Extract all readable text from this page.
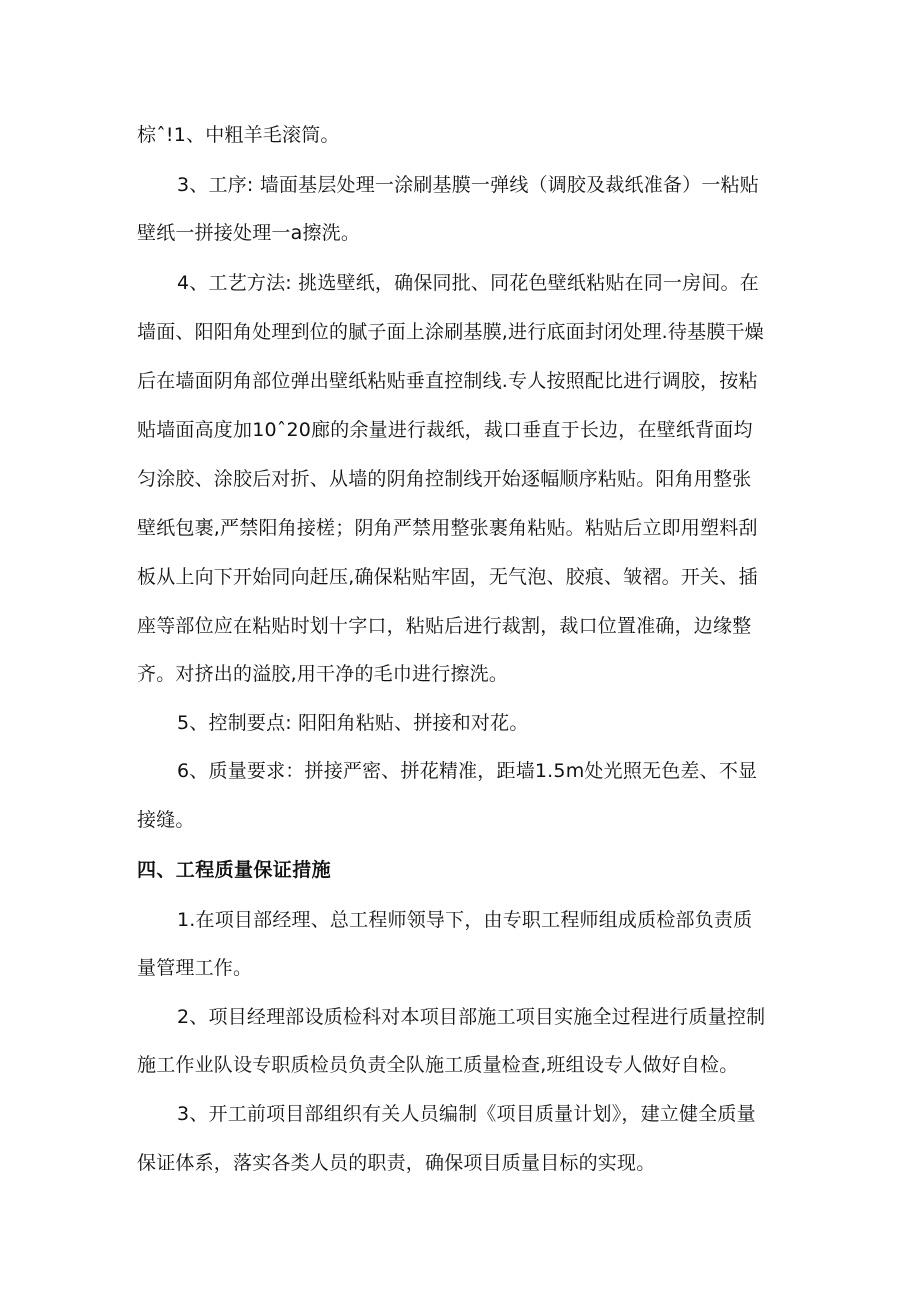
棕ˆ!1、中粗羊毛滚筒。
3、工序: 墙面基层处理一涂刷基膜一弹线（调胶及裁纸准备）一粘贴
壁纸一拼接处理一a擦洗。
4、工艺方法: 挑选壁纸，确保同批、同花色壁纸粘贴在同一房间。在
墙面、阳阳角处理到位的腻子面上涂刷基膜,进行底面封闭处理.待基膜干燥
后在墙面阴角部位弹出壁纸粘贴垂直控制线.专人按照配比进行调胶，按粘
贴墙面高度加10ˆ20廊的余量进行裁纸，裁口垂直于长边，在壁纸背面均
匀涂胶、涂胶后对折、从墙的阴角控制线开始逐幅顺序粘贴。阳角用整张
壁纸包裹,严禁阳角接槎；阴角严禁用整张裹角粘贴。粘贴后立即用塑料刮
板从上向下开始同向赶压,确保粘贴牢固，无气泡、胶痕、皱褶。开关、插
座等部位应在粘贴时划十字口，粘贴后进行裁割，裁口位置准确，边缘整
齐。对挤出的溢胶,用干净的毛巾进行擦洗。
5、控制要点: 阳阳角粘贴、拼接和对花。
6、质量要求：拼接严密、拼花精准，距墙1.5m处光照无色差、不显
接缝。
四、工程质量保证措施
1.在项目部经理、总工程师领导下，由专职工程师组成质检部负责质
量管理工作。
2、项目经理部设质检科对本项目部施工项目实施全过程进行质量控制
施工作业队设专职质检员负责全队施工质量检查,班组设专人做好自检。
3、开工前项目部组织有关人员编制《项目质量计划》，建立健全质量
保证体系，落实各类人员的职责，确保项目质量目标的实现。
